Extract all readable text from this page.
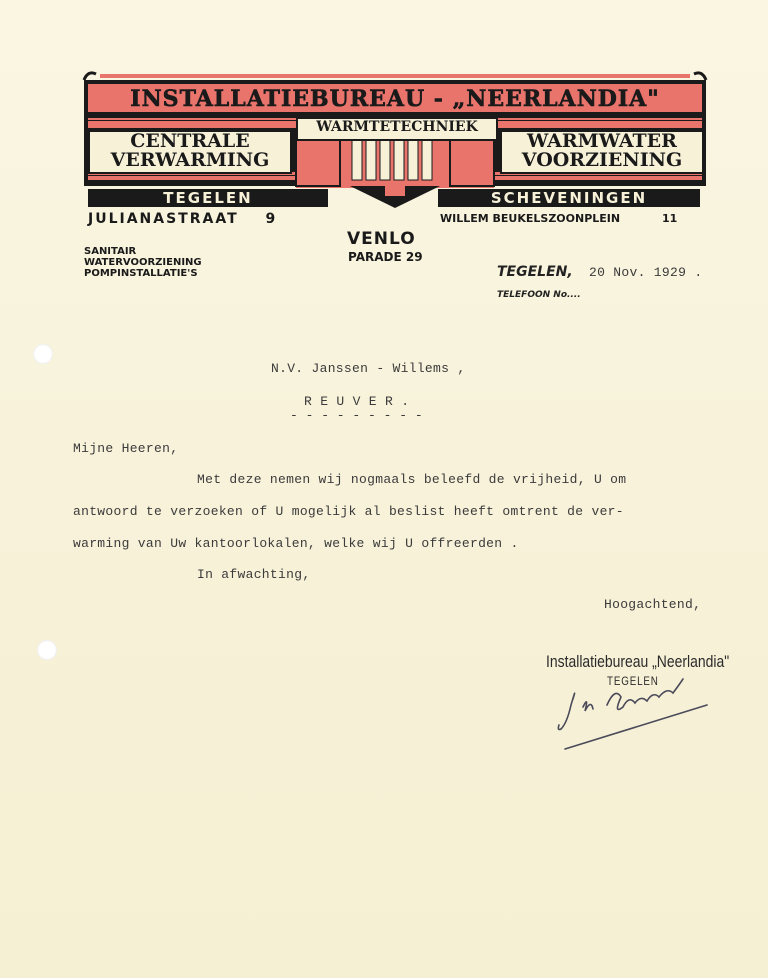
INSTALLATIEBUREAU - „NEERLANDIA"
CENTRALE
VERWARMING
WARMTETECHNIEK
WARMWATER
VOORZIENING
TEGELEN	SCHEVENINGEN
JULIANASTRAAT 9	WILLEM BEUKELSZOONPLEIN	11
SANITAIR
WATERVOORZIENING
POMPINSTALLATIE'S
VENLO
PARADE 29
TEGELEN, 20 Nov. 1929 .
TELEFOON No....
N.V. Janssen - Willems ,
R E U V E R .
- - - - - - - - -
Mijne Heeren,
Met deze nemen wij nogmaals beleefd de vrijheid, U om
antwoord te verzoeken of U mogelijk al beslist heeft omtrent de ver-
warming van Uw kantoorlokalen, welke wij U offreerden .
In afwachting,
Hoogachtend,
Installatiebureau „Neerlandia"
TEGELEN
